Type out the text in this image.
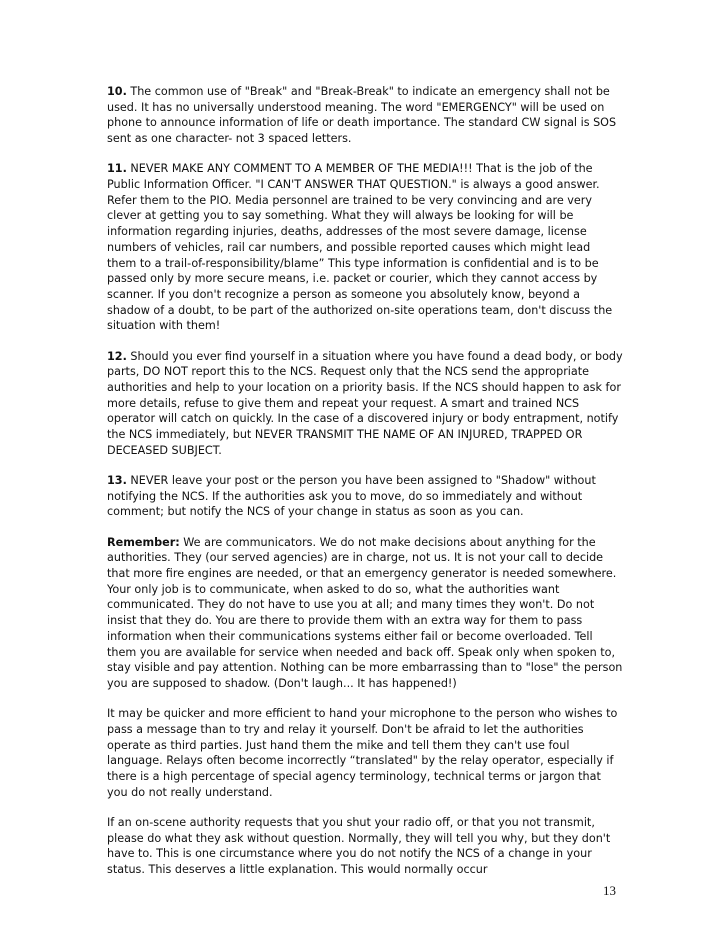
10. The common use of "Break" and "Break-Break" to indicate an emergency shall not be used. It has no universally understood meaning. The word "EMERGENCY" will be used on phone to announce information of life or death importance. The standard CW signal is SOS sent as one character- not 3 spaced letters.

11. NEVER MAKE ANY COMMENT TO A MEMBER OF THE MEDIA!!! That is the job of the Public Information Officer. "I CAN'T ANSWER THAT QUESTION." is always a good answer. Refer them to the PIO. Media personnel are trained to be very convincing and are very clever at getting you to say something. What they will always be looking for will be information regarding injuries, deaths, addresses of the most severe damage, license numbers of vehicles, rail car numbers, and possible reported causes which might lead them to a trail-of-responsibility/blame” This type information is confidential and is to be passed only by more secure means, i.e. packet or courier, which they cannot access by scanner. If you don't recognize a person as someone you absolutely know, beyond a shadow of a doubt, to be part of the authorized on-site operations team, don't discuss the situation with them!

12. Should you ever find yourself in a situation where you have found a dead body, or body parts, DO NOT report this to the NCS. Request only that the NCS send the appropriate authorities and help to your location on a priority basis. If the NCS should happen to ask for more details, refuse to give them and repeat your request. A smart and trained NCS operator will catch on quickly. In the case of a discovered injury or body entrapment, notify the NCS immediately, but NEVER TRANSMIT THE NAME OF AN INJURED, TRAPPED OR DECEASED SUBJECT.

13. NEVER leave your post or the person you have been assigned to "Shadow" without notifying the NCS. If the authorities ask you to move, do so immediately and without comment; but notify the NCS of your change in status as soon as you can.

Remember: We are communicators. We do not make decisions about anything for the authorities. They (our served agencies) are in charge, not us. It is not your call to decide that more fire engines are needed, or that an emergency generator is needed somewhere. Your only job is to communicate, when asked to do so, what the authorities want communicated. They do not have to use you at all; and many times they won't. Do not insist that they do. You are there to provide them with an extra way for them to pass information when their communications systems either fail or become overloaded. Tell them you are available for service when needed and back off. Speak only when spoken to, stay visible and pay attention. Nothing can be more embarrassing than to "lose" the person you are supposed to shadow. (Don't laugh... It has happened!)

It may be quicker and more efficient to hand your microphone to the person who wishes to pass a message than to try and relay it yourself. Don't be afraid to let the authorities operate as third parties. Just hand them the mike and tell them they can't use foul language. Relays often become incorrectly “translated" by the relay operator, especially if there is a high percentage of special agency terminology, technical terms or jargon that you do not really understand.

If an on-scene authority requests that you shut your radio off, or that you not transmit, please do what they ask without question. Normally, they will tell you why, but they don't have to. This is one circumstance where you do not notify the NCS of a change in your status. This deserves a little explanation. This would normally occur

13
